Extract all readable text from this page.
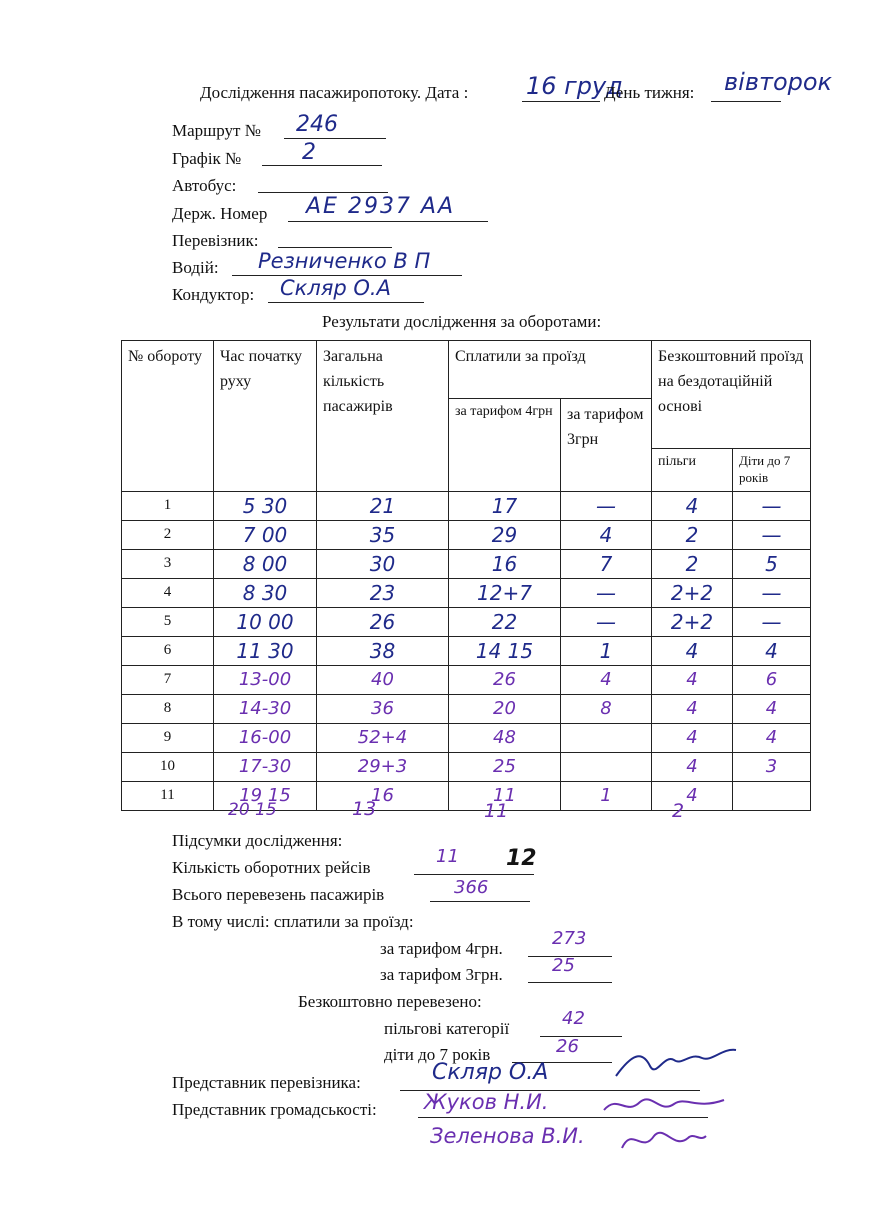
Дослідження пасажиропотоку. Дата : 16 груд
День тижня: вівторок
Маршрут № 246
Графік №	2
Автобус:
Держ. Номер AE 2937 AA
Перевізник:
Водій: Резниченко В П
Кондуктор: Скляр О.А
Результати дослідження за оборотами:
№ обороту	Час початку руху	Загальна кількість пасажирів	Сплатили за проїзд		Безкоштовний проїзд на бездотаційній основі	
			за тарифом 4грн	за тарифом 3грн		
					пільги	Діти до 7 років
1	5 30	21	17	—	4	—
2	7 00	35	29	4	2	—
3	8 00	30	16	7	2	5
4	8 30	23	12+7	—	2+2	—
5	10 00	26	22	—	2+2	—
6	11 30	38	14 15	1	4	4
7	13-00	40	26	4	4	6
8	14-30	36	20	8	4	4
9	16-00	52+4	48		4	4
10	17-30	29+3	25		4	3
11	19 15	16	11	1	4	
20 15	13	11	2
Підсумки дослідження:
Кількість оборотних рейсів
11 12
Всього перевезень пасажирів	366
В тому числі: сплатили за проїзд:
за тарифом 4грн.	273
за тарифом 3грн.	25
Безкоштовно перевезено:
пільгові категорії	42
діти до 7 років	26
Представник перевізника:	Скляр О.А
Представник громадськості: Жуков Н.И.
Зеленова В.И.
